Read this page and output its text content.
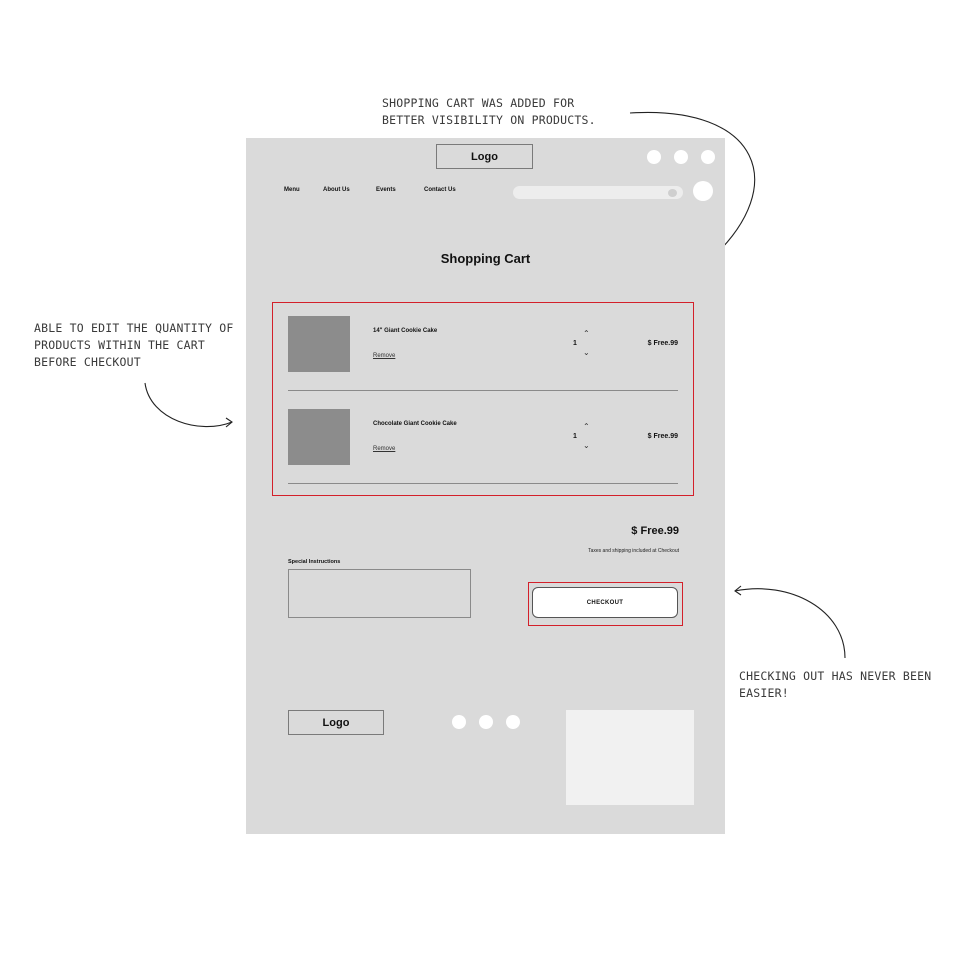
SHOPPING CART WAS ADDED FOR
BETTER VISIBILITY ON PRODUCTS.
ABLE TO EDIT THE QUANTITY OF
PRODUCTS WITHIN THE CART
BEFORE CHECKOUT
CHECKING OUT HAS NEVER BEEN
EASIER!
Logo
Menu	About Us	Events	Contact Us
Shopping Cart
14" Giant Cookie Cake
Remove
⌃
1
⌄
$ Free.99
Chocolate Giant Cookie Cake
Remove
⌃
1
⌄
$ Free.99
$ Free.99
Taxes and shipping included at Checkout
Special Instructions
CHECKOUT
Logo
